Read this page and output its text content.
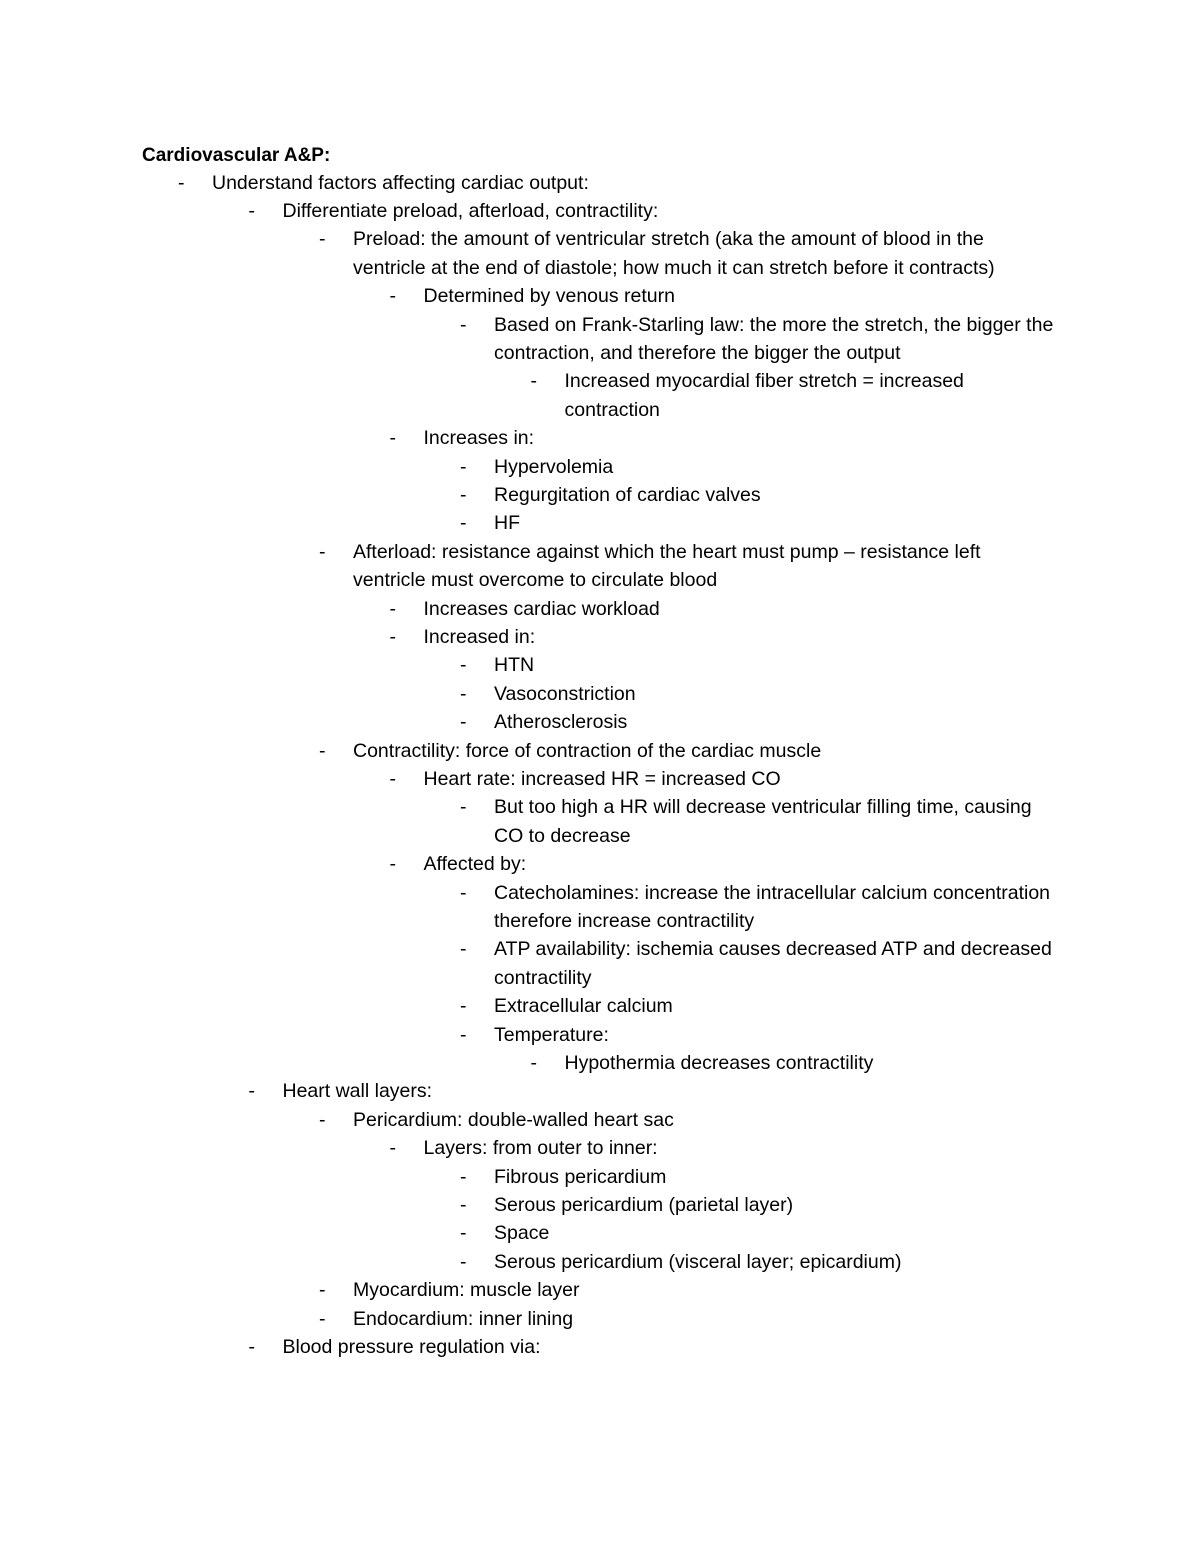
Cardiovascular A&P:
- Understand factors affecting cardiac output:
- Differentiate preload, afterload, contractility:
- Preload: the amount of ventricular stretch (aka the amount of blood in the ventricle at the end of diastole; how much it can stretch before it contracts)
- Determined by venous return
- Based on Frank-Starling law: the more the stretch, the bigger the contraction, and therefore the bigger the output
- Increased myocardial fiber stretch = increased contraction
- Increases in:
- Hypervolemia
- Regurgitation of cardiac valves
- HF
- Afterload: resistance against which the heart must pump – resistance left ventricle must overcome to circulate blood
- Increases cardiac workload
- Increased in:
- HTN
- Vasoconstriction
- Atherosclerosis
- Contractility: force of contraction of the cardiac muscle
- Heart rate: increased HR = increased CO
- But too high a HR will decrease ventricular filling time, causing CO to decrease
- Affected by:
- Catecholamines: increase the intracellular calcium concentration therefore increase contractility
- ATP availability: ischemia causes decreased ATP and decreased contractility
- Extracellular calcium
- Temperature:
- Hypothermia decreases contractility
- Heart wall layers:
- Pericardium: double-walled heart sac
- Layers: from outer to inner:
- Fibrous pericardium
- Serous pericardium (parietal layer)
- Space
- Serous pericardium (visceral layer; epicardium)
- Myocardium: muscle layer
- Endocardium: inner lining
- Blood pressure regulation via:
